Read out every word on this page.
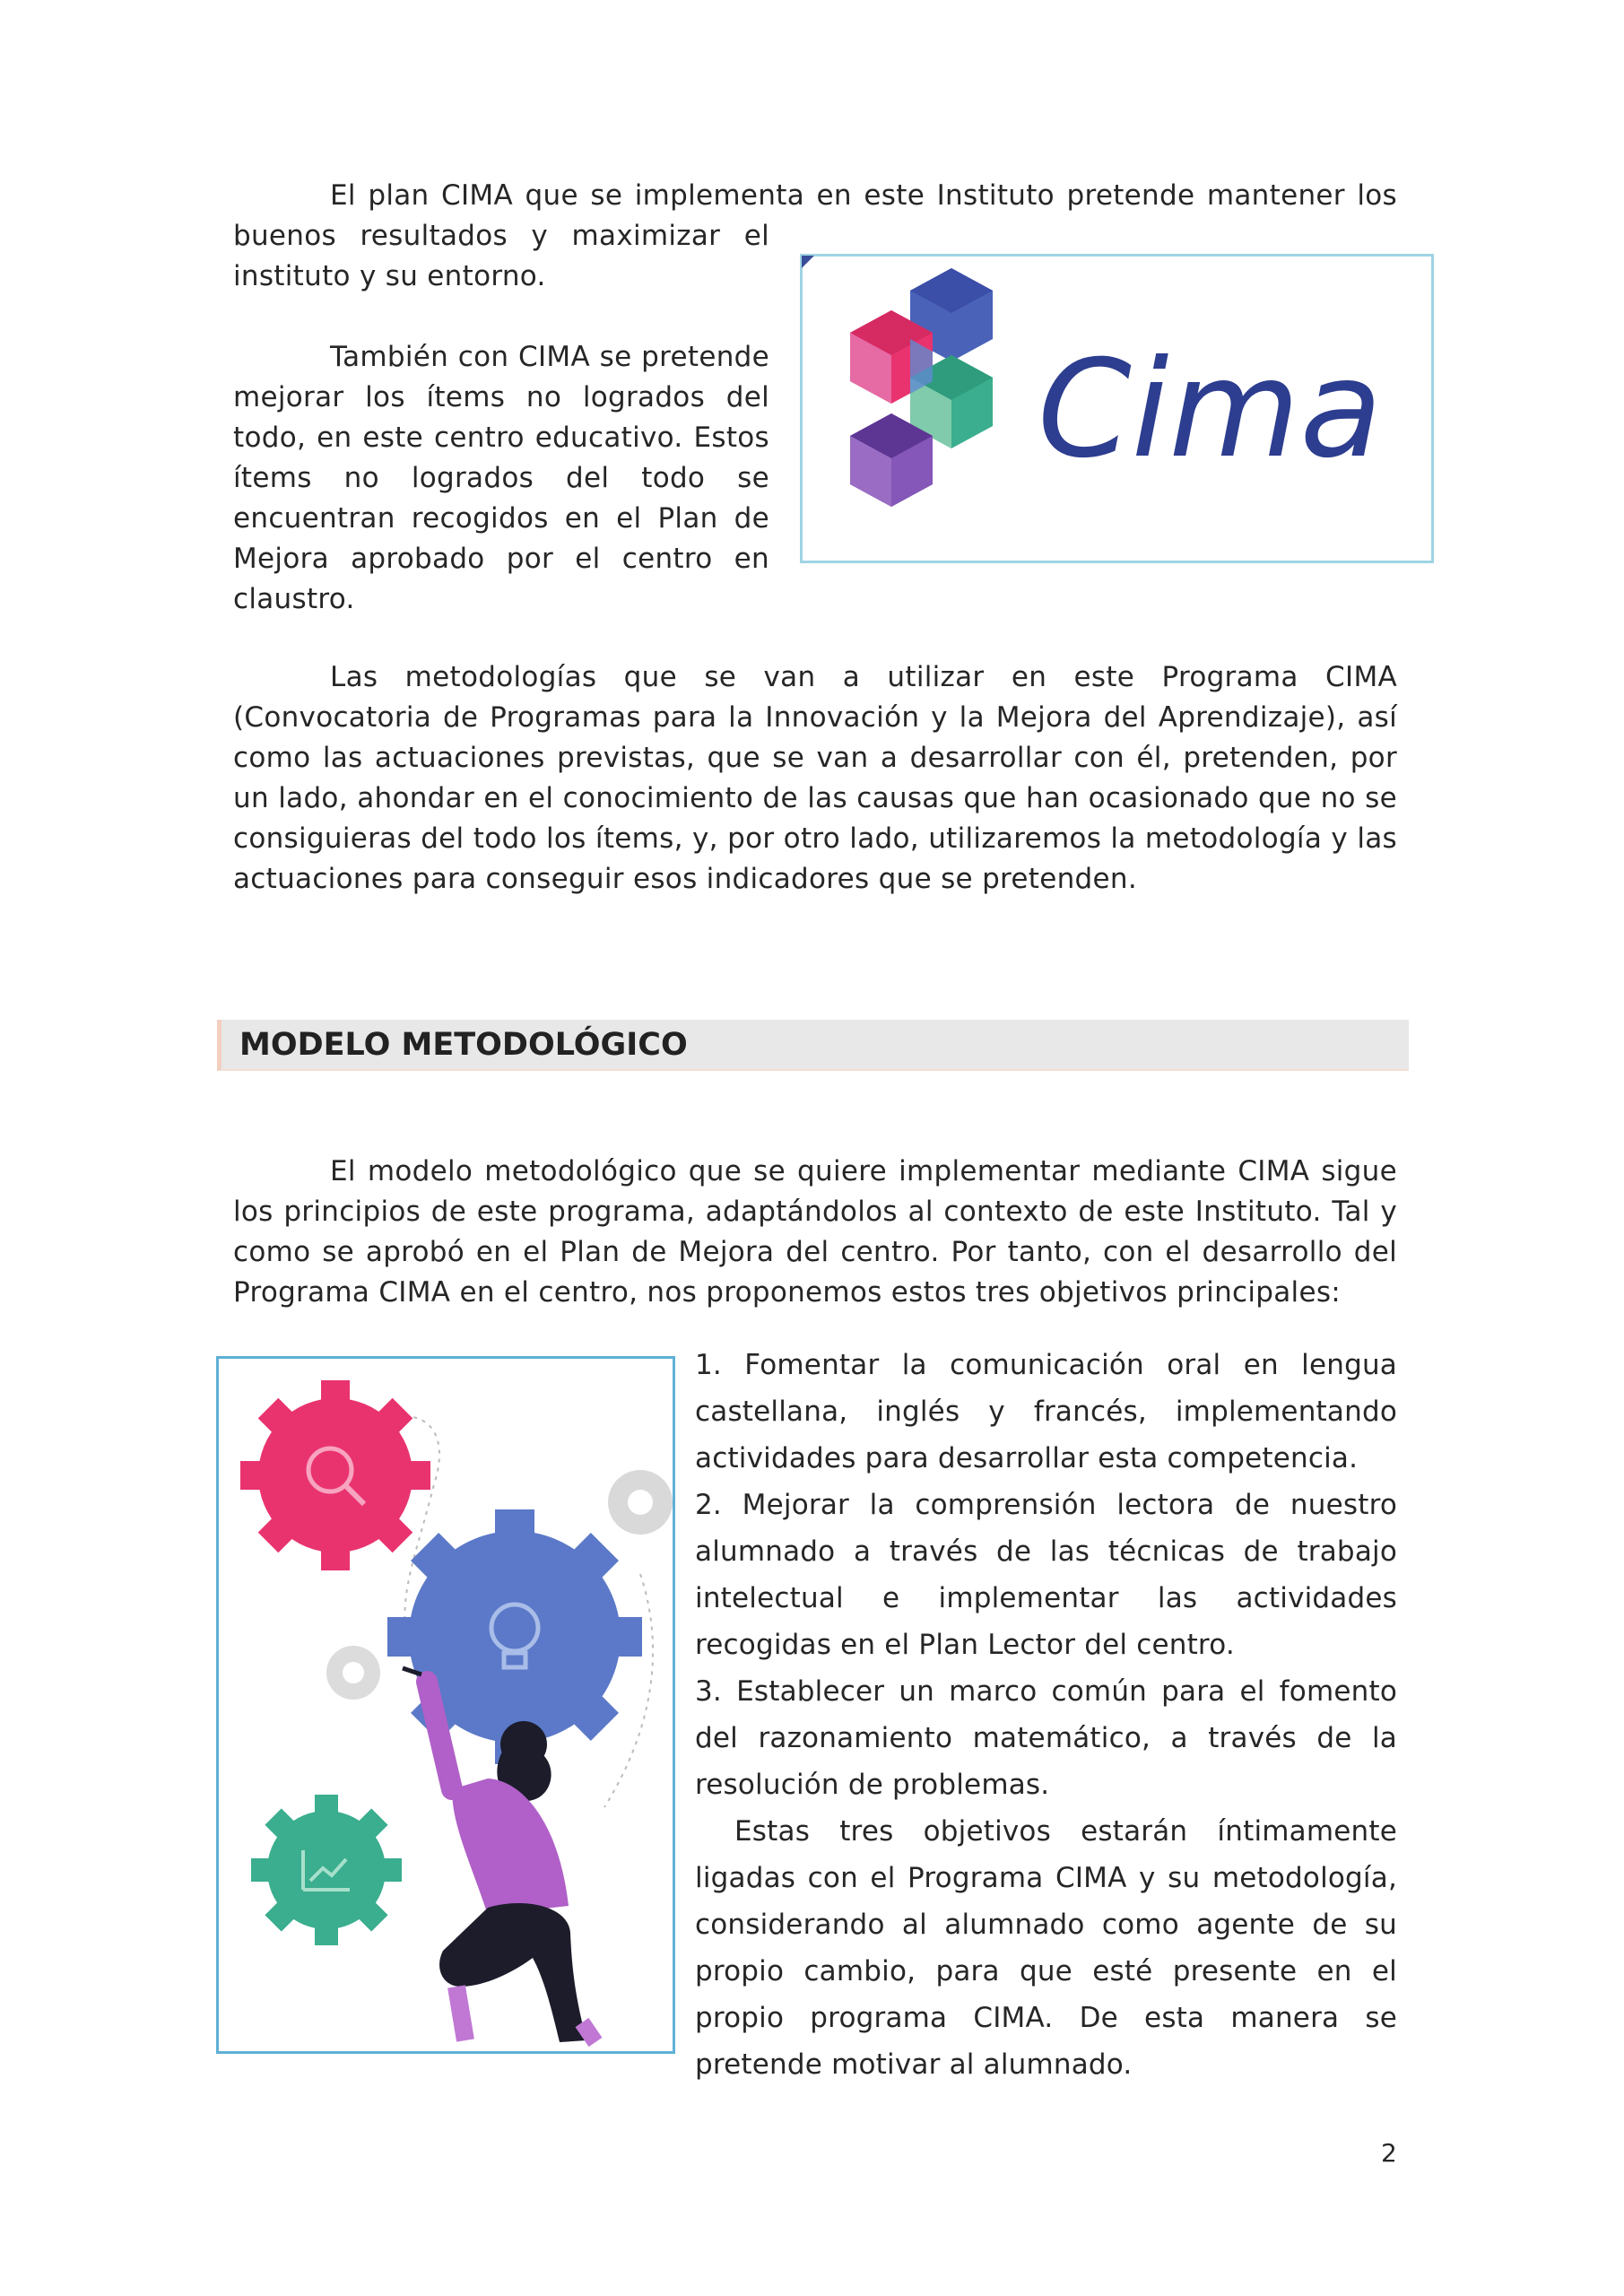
El plan CIMA que se implementa en este Instituto pretende mantener los

buenos resultados y maximizar el

instituto y su entorno.

También con CIMA se pretende mejorar los ítems no logrados del todo, en este centro educativo. Estos ítems no logrados del todo se encuentran recogidos en el Plan de Mejora aprobado por el centro en claustro.

Cima

Las metodologías que se van a utilizar en este Programa CIMA (Convocatoria de Programas para la Innovación y la Mejora del Aprendizaje), así como las actuaciones previstas, que se van a desarrollar con él, pretenden, por un lado, ahondar en el conocimiento de las causas que han ocasionado que no se consiguieras del todo los ítems, y, por otro lado, utilizaremos la metodología y las actuaciones para conseguir esos indicadores que se pretenden.

MODELO METODOLÓGICO

El modelo metodológico que se quiere implementar mediante CIMA sigue los principios de este programa, adaptándolos al contexto de este Instituto. Tal y como se aprobó en el Plan de Mejora del centro. Por tanto, con el desarrollo del Programa CIMA en el centro, nos proponemos estos tres objetivos principales:

1. Fomentar la comunicación oral en lengua castellana, inglés y francés, implementando actividades para desarrollar esta competencia.

2. Mejorar la comprensión lectora de nuestro alumnado a través de las técnicas de trabajo intelectual e implementar las actividades recogidas en el Plan Lector del centro.

3. Establecer un marco común para el fomento del razonamiento matemático, a través de la resolución de problemas.

Estas tres objetivos estarán íntimamente ligadas con el Programa CIMA y su metodología, considerando al alumnado como agente de su propio cambio, para que esté presente en el propio programa CIMA. De esta manera se pretende motivar al alumnado.

2
